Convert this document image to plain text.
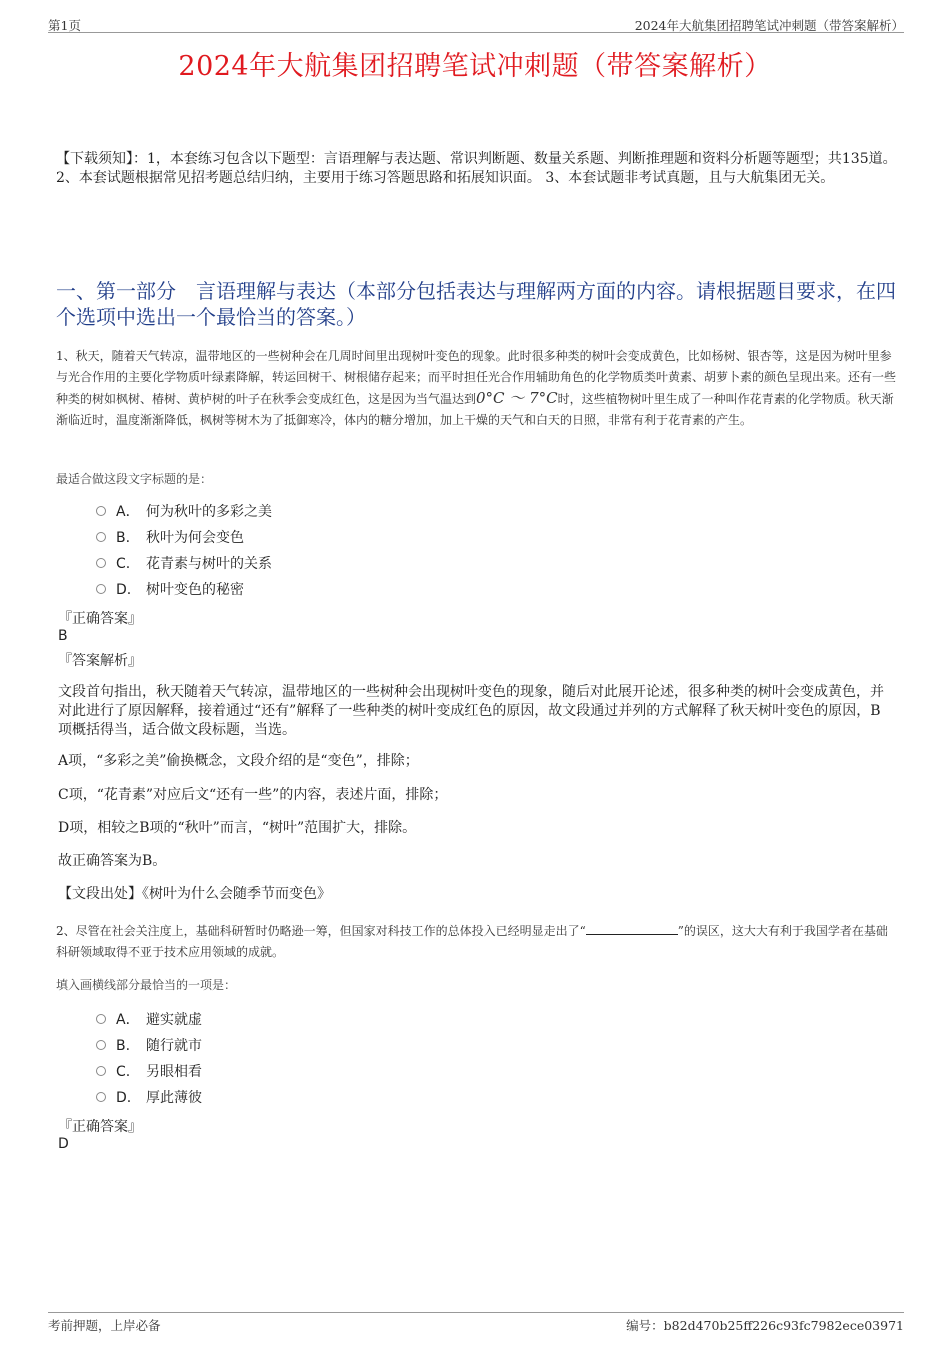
第1页	2024年大航集团招聘笔试冲刺题（带答案解析）
2024年大航集团招聘笔试冲刺题（带答案解析）
【下载须知】：1，本套练习包含以下题型：言语理解与表达题、常识判断题、数量关系题、判断推理题和资料分析题等题型；共135道。 2、本套试题根据常见招考题总结归纳，主要用于练习答题思路和拓展知识面。 3、本套试题非考试真题，且与大航集团无关。
一、第一部分　言语理解与表达（本部分包括表达与理解两方面的内容。请根据题目要求，在四个选项中选出一个最恰当的答案。）
1、秋天，随着天气转凉，温带地区的一些树种会在几周时间里出现树叶变色的现象。此时很多种类的树叶会变成黄色，比如杨树、银杏等，这是因为树叶里参与光合作用的主要化学物质叶绿素降解，转运回树干、树根储存起来；而平时担任光合作用辅助角色的化学物质类叶黄素、胡萝卜素的颜色呈现出来。还有一些种类的树如枫树、椿树、黄栌树的叶子在秋季会变成红色，这是因为当气温达到0°C ～ 7°C时，这些植物树叶里生成了一种叫作花青素的化学物质。秋天渐渐临近时，温度渐渐降低，枫树等树木为了抵御寒冷，体内的糖分增加，加上干燥的天气和白天的日照，非常有利于花青素的产生。
最适合做这段文字标题的是：
A． 何为秋叶的多彩之美
B. 秋叶为何会变色
C. 花青素与树叶的关系
D. 树叶变色的秘密
『正确答案』
B
『答案解析』
文段首句指出，秋天随着天气转凉，温带地区的一些树种会出现树叶变色的现象，随后对此展开论述，很多种类的树叶会变成黄色，并对此进行了原因解释，接着通过“还有”解释了一些种类的树叶变成红色的原因，故文段通过并列的方式解释了秋天树叶变色的原因，B项概括得当，适合做文段标题，当选。
A项，“多彩之美”偷换概念，文段介绍的是“变色”，排除；
C项，“花青素”对应后文“还有一些”的内容，表述片面，排除；
D项，相较之B项的“秋叶”而言，“树叶”范围扩大，排除。
故正确答案为B。
【文段出处】《树叶为什么会随季节而变色》
2、尽管在社会关注度上，基础科研暂时仍略逊一筹，但国家对科技工作的总体投入已经明显走出了“	”的误区，这大大有利于我国学者在基础科研领域取得不亚于技术应用领域的成就。
填入画横线部分最恰当的一项是：
A． 避实就虚
B. 随行就市
C. 另眼相看
D. 厚此薄彼
『正确答案』
D
考前押题，上岸必备	编号：b82d470b25ff226c93fc7982ece03971
